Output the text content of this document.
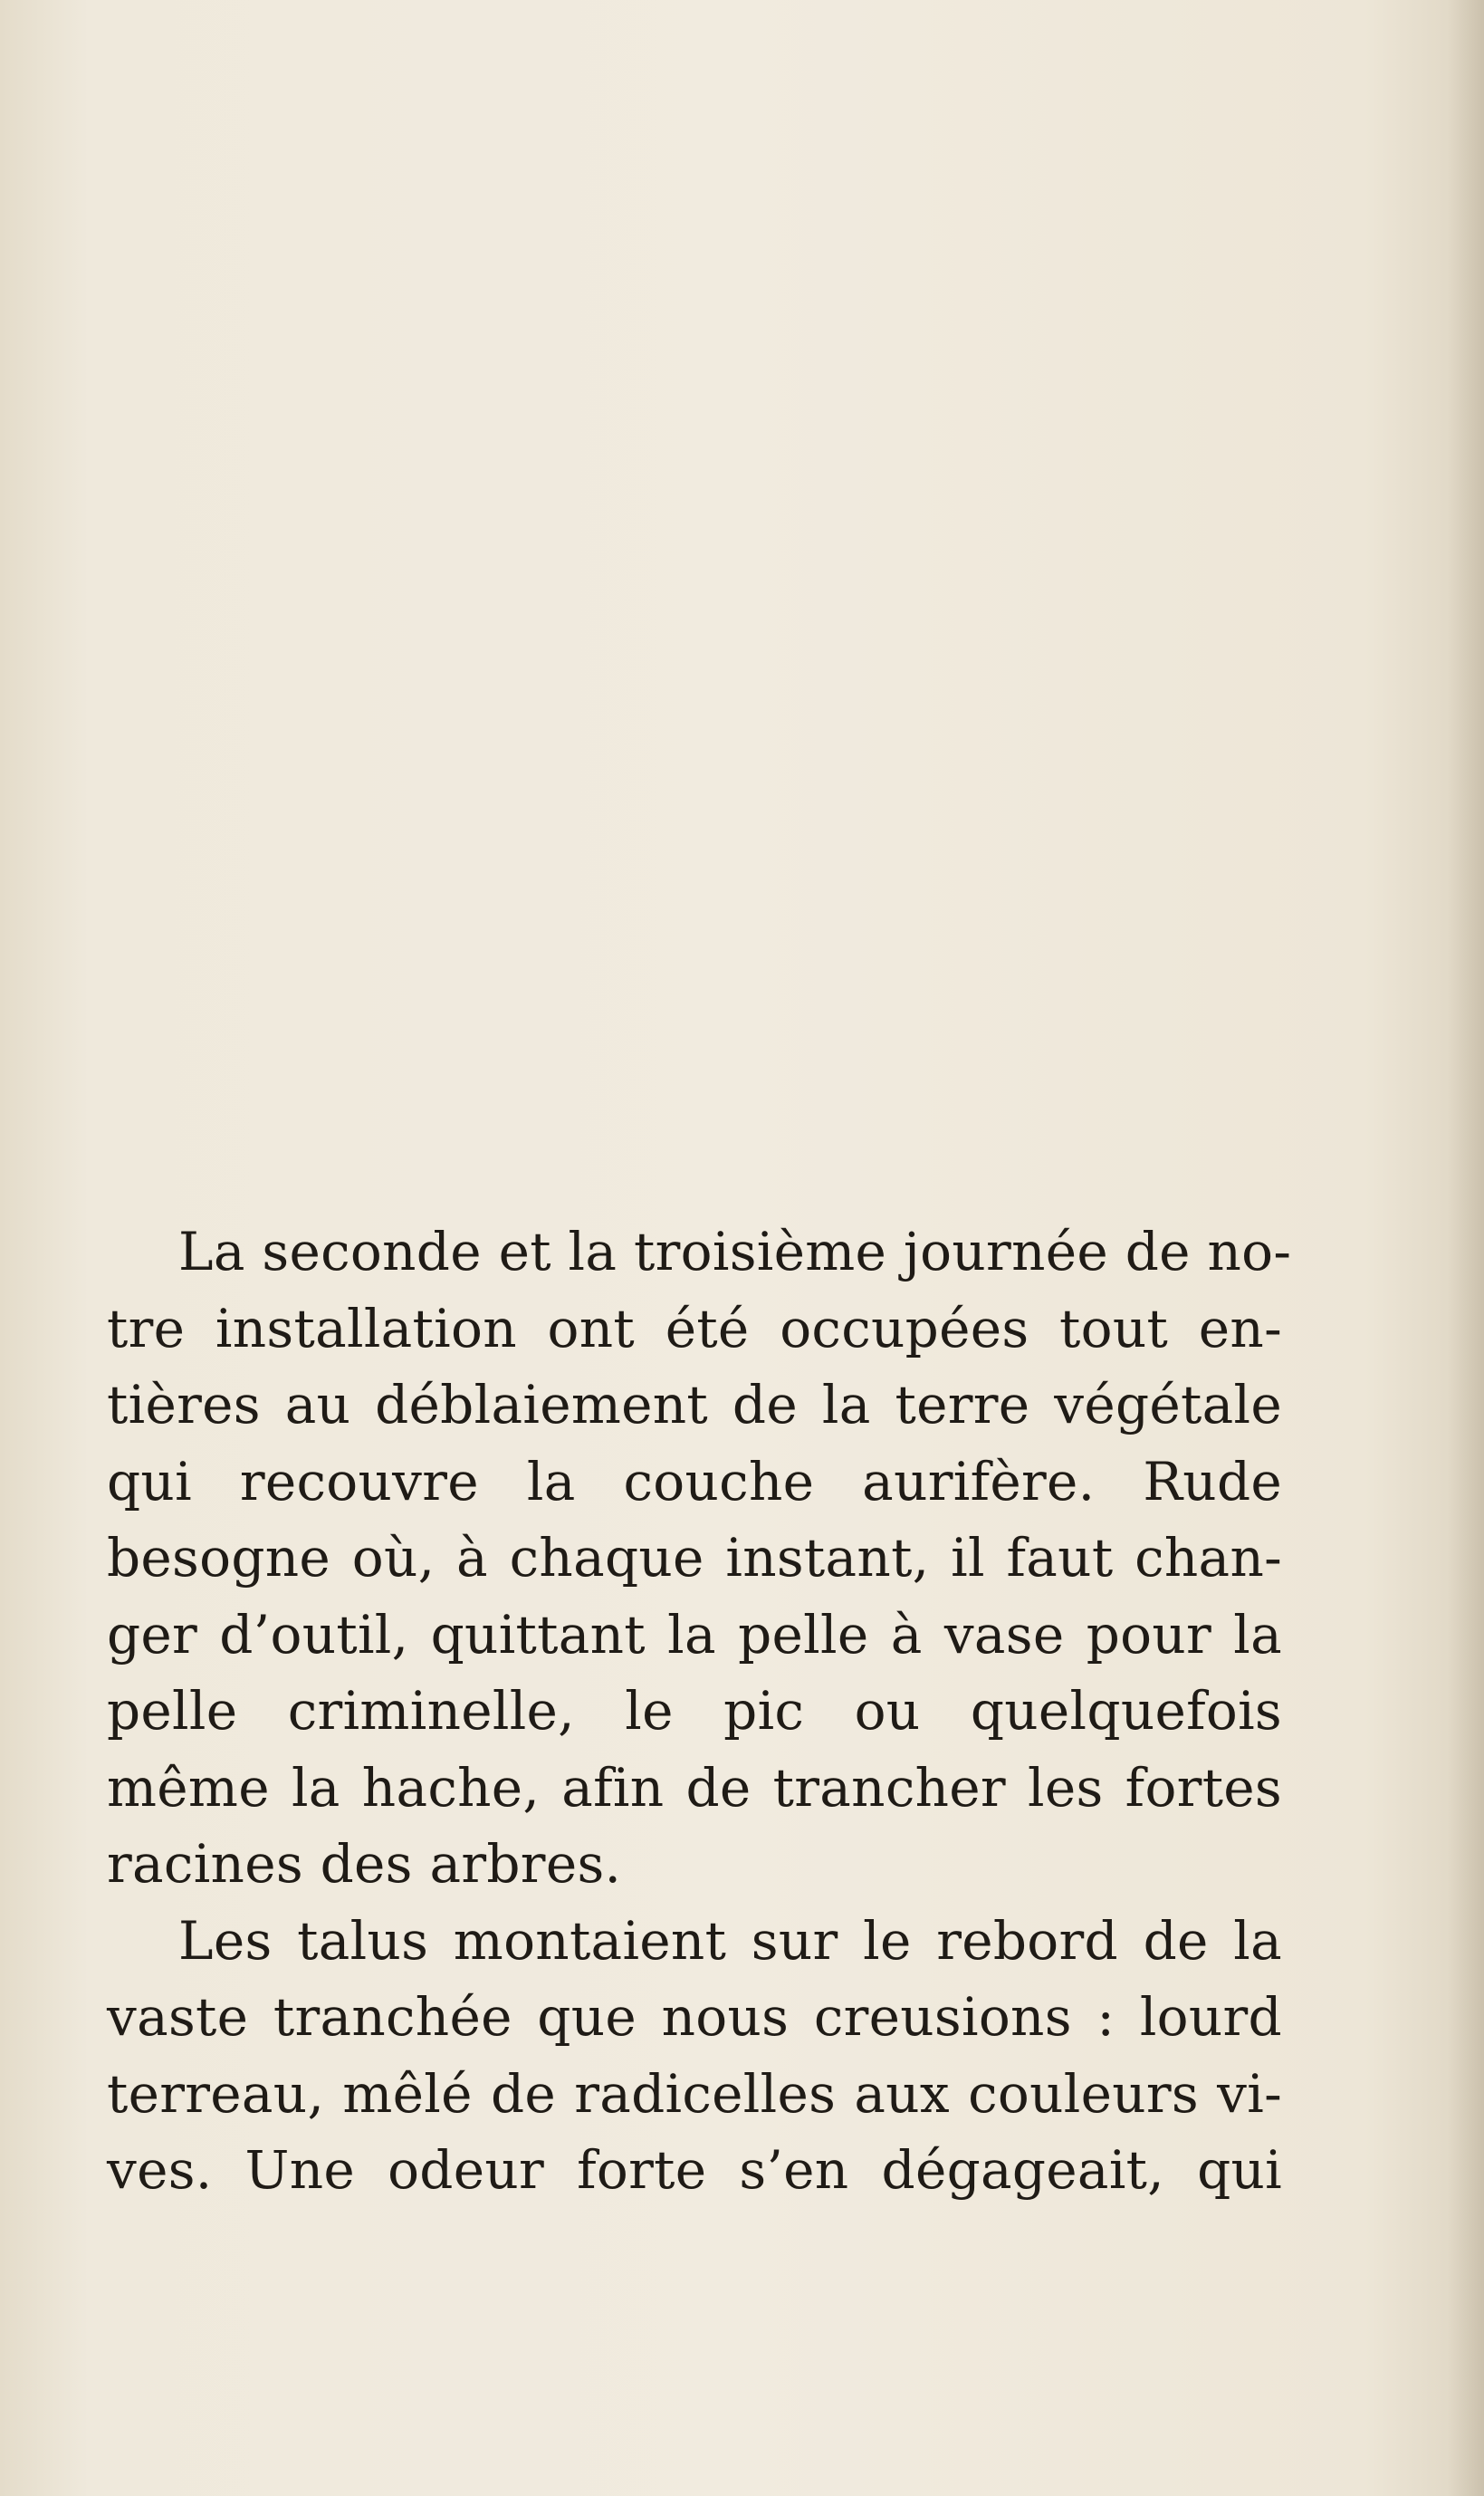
La seconde et la troisième journée de no-
tre installation ont été occupées tout en-
tières au déblaiement de la terre végétale
qui recouvre la couche aurifère. Rude
besogne où, à chaque instant, il faut chan-
ger d’outil, quittant la pelle à vase pour la
pelle criminelle, le pic ou quelquefois
même la hache, afin de trancher les fortes
racines des arbres.
Les talus montaient sur le rebord de la
vaste tranchée que nous creusions : lourd
terreau, mêlé de radicelles aux couleurs vi-
ves. Une odeur forte s’en dégageait, qui
